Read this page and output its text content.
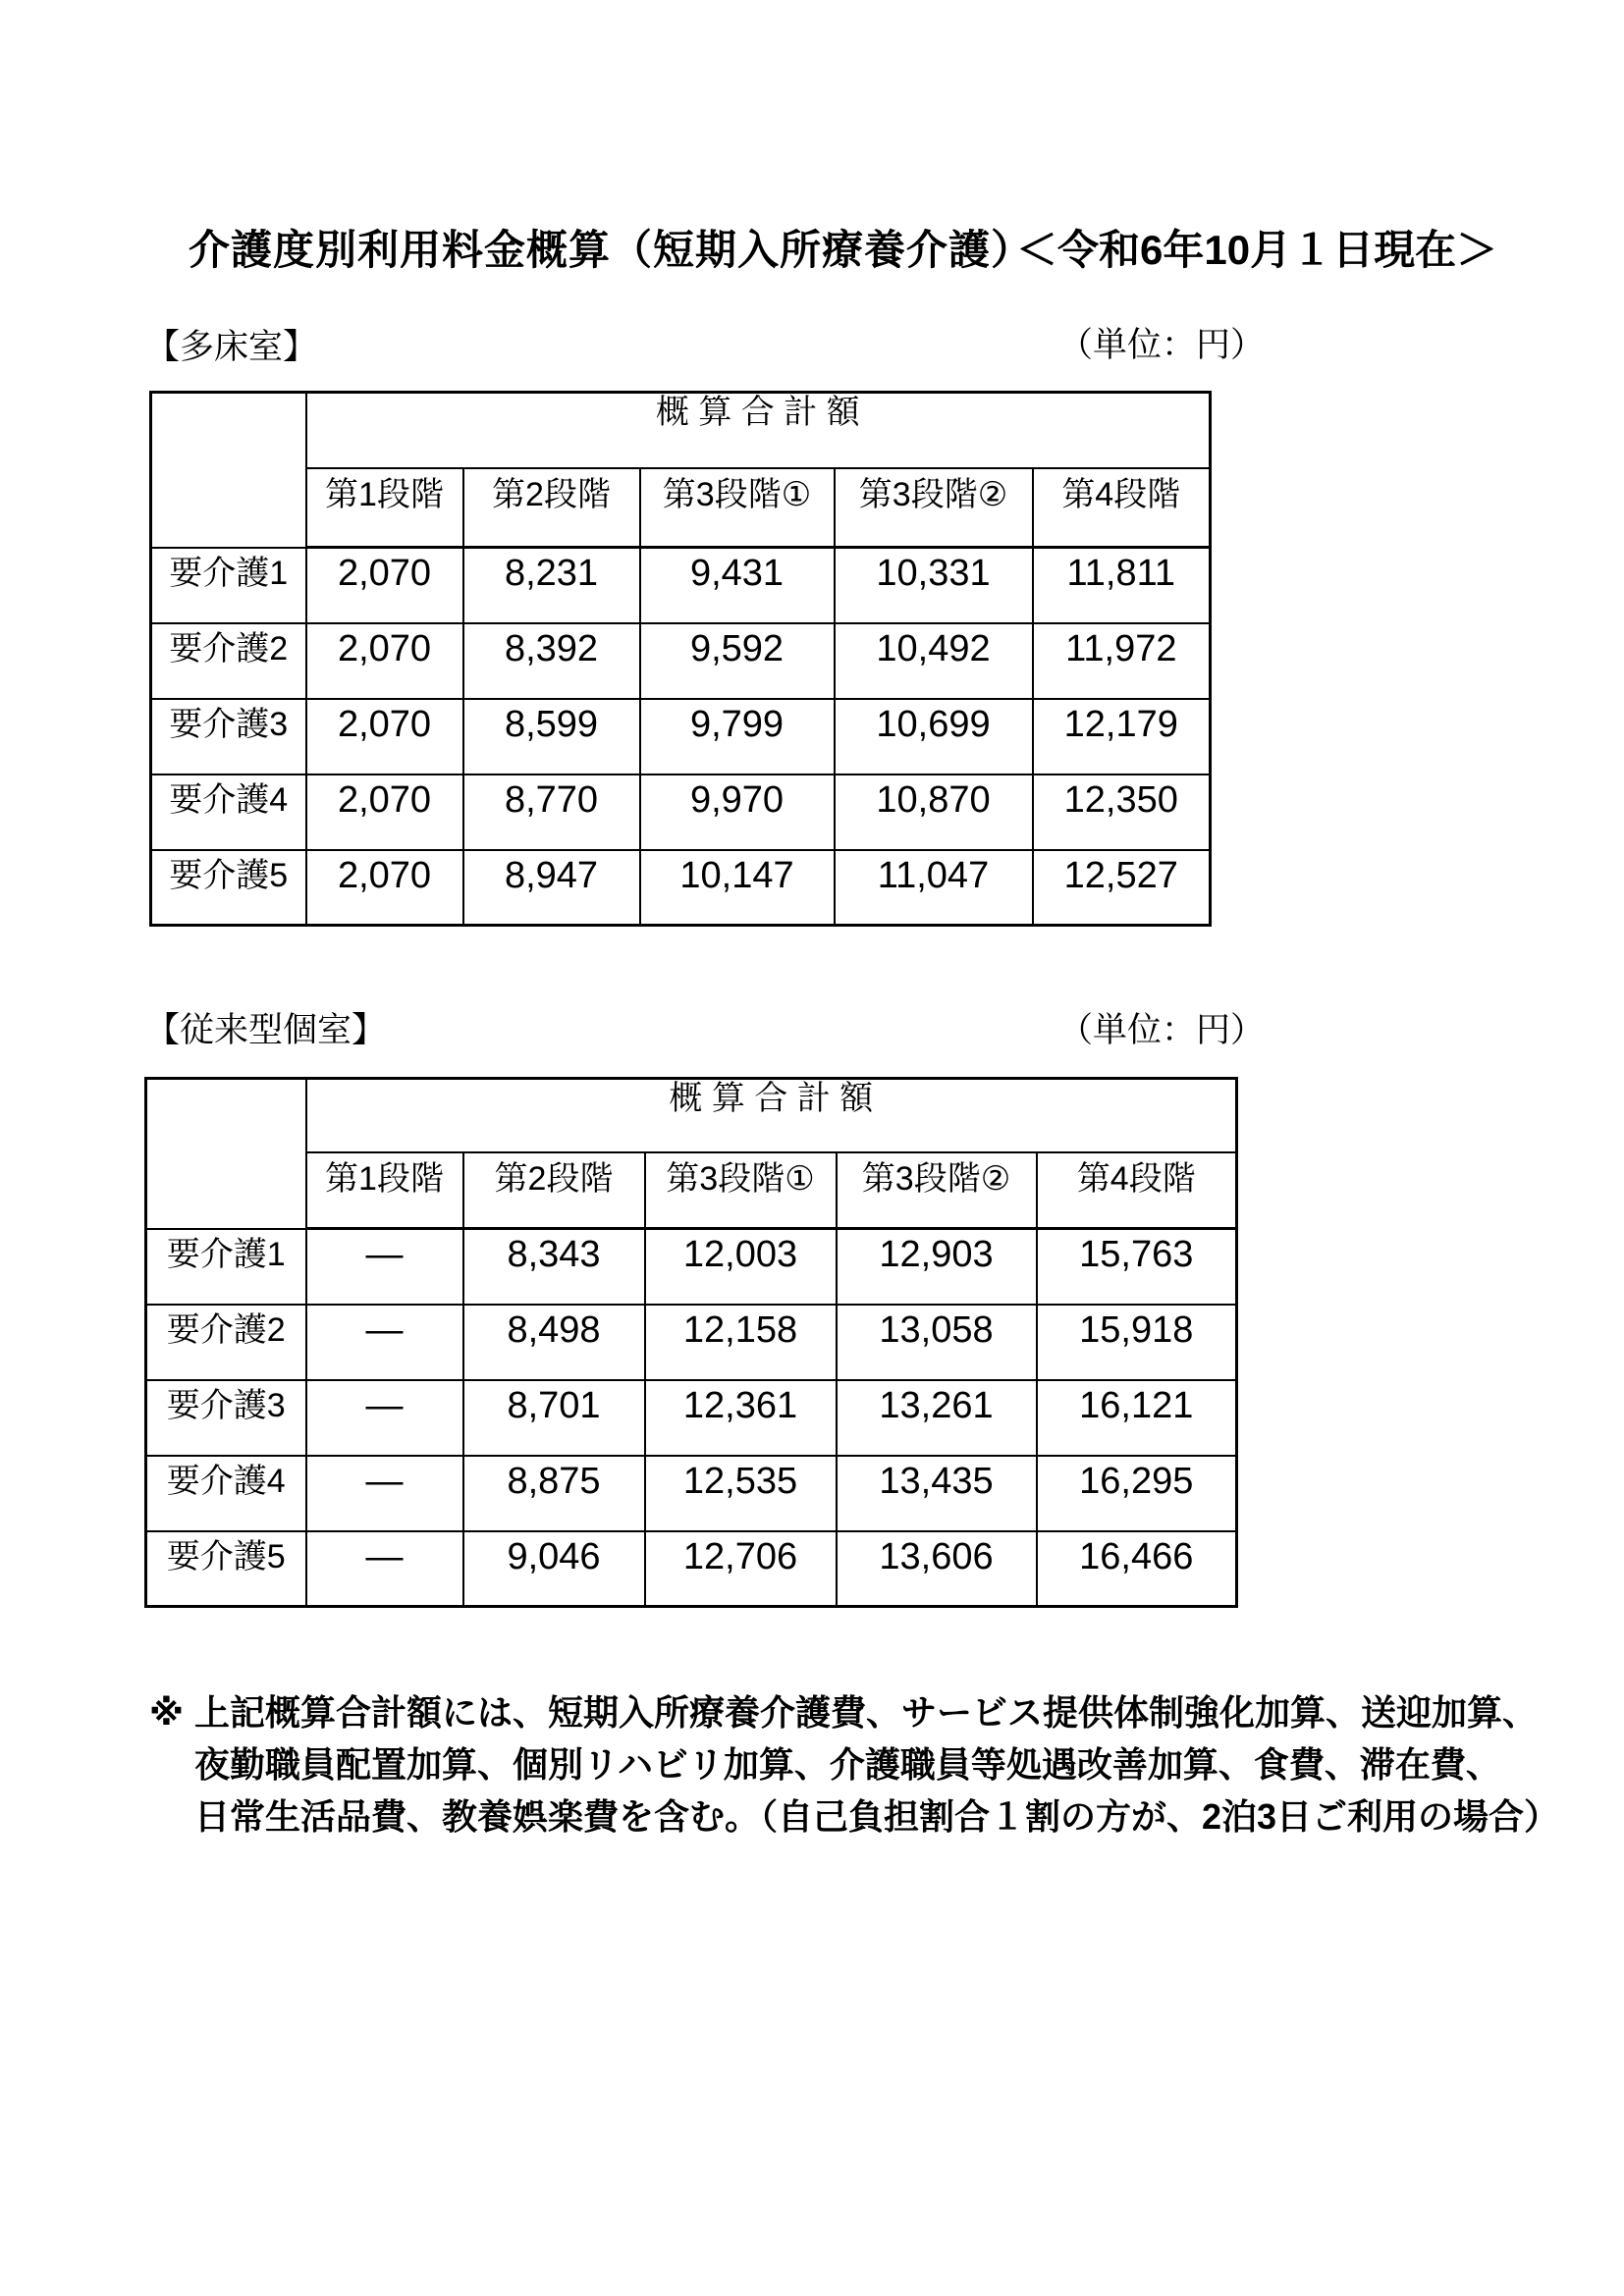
介護度別利用料金概算（短期入所療養介護）
＜令和6年10月１日現在＞
【多床室】	（単位：円）
	概 算 合 計 額				
	第1段階	第2段階	第3段階①	第3段階②	第4段階
要介護1	2,070	8,231	9,431	10,331	11,811
要介護2	2,070	8,392	9,592	10,492	11,972
要介護3	2,070	8,599	9,799	10,699	12,179
要介護4	2,070	8,770	9,970	10,870	12,350
要介護5	2,070	8,947	10,147	11,047	12,527
【従来型個室】	（単位：円）
	概 算 合 計 額				
	第1段階	第2段階	第3段階①	第3段階②	第4段階
要介護1	―	8,343	12,003	12,903	15,763
要介護2	―	8,498	12,158	13,058	15,918
要介護3	―	8,701	12,361	13,261	16,121
要介護4	―	8,875	12,535	13,435	16,295
要介護5	―	9,046	12,706	13,606	16,466
※ 上記概算合計額には、短期入所療養介護費、サービス提供体制強化加算、送迎加算、
夜勤職員配置加算、個別リハビリ加算、介護職員等処遇改善加算、食費、滞在費、
日常生活品費、教養娯楽費を含む。（自己負担割合１割の方が、2泊3日ご利用の場合）
